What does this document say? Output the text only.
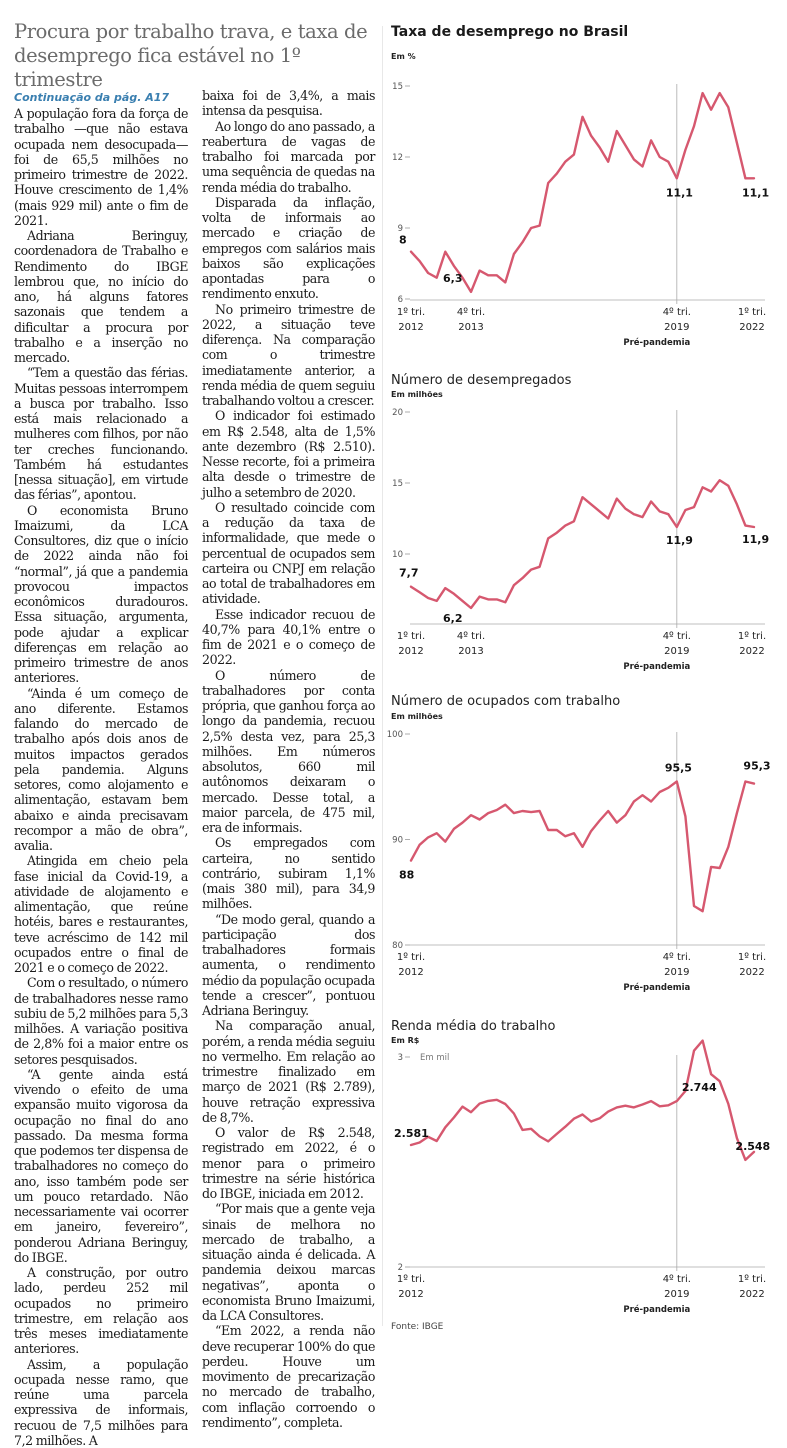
Procura por trabalho trava, e taxa de desemprego fica estável no 1º trimestre
Continuação da pág. A17

A população fora da força de trabalho —que não estava ocupada nem desocupada— foi de 65,5 milhões no primeiro trimestre de 2022. Houve crescimento de 1,4% (mais 929 mil) ante o fim de 2021.

Adriana Beringuy, coordenadora de Trabalho e Rendimento do IBGE lembrou que, no início do ano, há alguns fatores sazonais que tendem a dificultar a procura por trabalho e a inserção no mercado.

“Tem a questão das férias. Muitas pessoas interrompem a busca por trabalho. Isso está mais relacionado a mulheres com filhos, por não ter creches funcionando. Também há estudantes [nessa situação], em virtude das férias”, apontou.

O economista Bruno Imaizumi, da LCA Consultores, diz que o início de 2022 ainda não foi “normal”, já que a pandemia provocou impactos econômicos duradouros. Essa situação, argumenta, pode ajudar a explicar diferenças em relação ao primeiro trimestre de anos anteriores.

“Ainda é um começo de ano diferente. Estamos falando do mercado de trabalho após dois anos de muitos impactos gerados pela pandemia. Alguns setores, como alojamento e alimentação, estavam bem abaixo e ainda precisavam recompor a mão de obra”, avalia.

Atingida em cheio pela fase inicial da Covid-19, a atividade de alojamento e alimentação, que reúne hotéis, bares e restaurantes, teve acréscimo de 142 mil ocupados entre o final de 2021 e o começo de 2022.

Com o resultado, o número de trabalhadores nesse ramo subiu de 5,2 milhões para 5,3 milhões. A variação positiva de 2,8% foi a maior entre os setores pesquisados.

“A gente ainda está vivendo o efeito de uma expansão muito vigorosa da ocupação no final do ano passado. Da mesma forma que podemos ter dispensa de trabalhadores no começo do ano, isso também pode ser um pouco retardado. Não necessariamente vai ocorrer em janeiro, fevereiro”, ponderou Adriana Beringuy, do IBGE.

A construção, por outro lado, perdeu 252 mil ocupados no primeiro trimestre, em relação aos três meses imediatamente anteriores.

Assim, a população ocupada nesse ramo, que reúne uma parcela expressiva de informais, recuou de 7,5 milhões para 7,2 milhões. A

baixa foi de 3,4%, a mais intensa da pesquisa.

Ao longo do ano passado, a reabertura de vagas de trabalho foi marcada por uma sequência de quedas na renda média do trabalho.

Disparada da inflação, volta de informais ao mercado e criação de empregos com salários mais baixos são explicações apontadas para o rendimento enxuto.

No primeiro trimestre de 2022, a situação teve diferença. Na comparação com o trimestre imediatamente anterior, a renda média de quem seguiu trabalhando voltou a crescer.

O indicador foi estimado em R$ 2.548, alta de 1,5% ante dezembro (R$ 2.510). Nesse recorte, foi a primeira alta desde o trimestre de julho a setembro de 2020.

O resultado coincide com a redução da taxa de informalidade, que mede o percentual de ocupados sem carteira ou CNPJ em relação ao total de trabalhadores em atividade.

Esse indicador recuou de 40,7% para 40,1% entre o fim de 2021 e o começo de 2022.

O número de trabalhadores por conta própria, que ganhou força ao longo da pandemia, recuou 2,5% desta vez, para 25,3 milhões. Em números absolutos, 660 mil autônomos deixaram o mercado. Desse total, a maior parcela, de 475 mil, era de informais.

Os empregados com carteira, no sentido contrário, subiram 1,1% (mais 380 mil), para 34,9 milhões.

“De modo geral, quando a participação dos trabalhadores formais aumenta, o rendimento médio da população ocupada tende a crescer”, pontuou Adriana Beringuy.

Na comparação anual, porém, a renda média seguiu no vermelho. Em relação ao trimestre finalizado em março de 2021 (R$ 2.789), houve retração expressiva de 8,7%.

O valor de R$ 2.548, registrado em 2022, é o menor para o primeiro trimestre na série histórica do IBGE, iniciada em 2012.

“Por mais que a gente veja sinais de melhora no mercado de trabalho, a situação ainda é delicada. A pandemia deixou marcas negativas”, aponta o economista Bruno Imaizumi, da LCA Consultores.

“Em 2022, a renda não deve recuperar 100% do que perdeu. Houve um movimento de precarização no mercado de trabalho, com inflação corroendo o rendimento”, completa.

Taxa de desemprego no Brasil
Em %
6
9
12
15
1º tri.
2012
4º tri.
2013
4º tri.
2019
1º tri.
2022
Pré-pandemia
8
6,3
11,1	11,1
Número de desempregados
Em milhões
10
15
20
1º tri.
2012
4º tri.
2013
4º tri.
2019
1º tri.
2022
Pré-pandemia
7,7
6,2
11,9	11,9
Número de ocupados com trabalho
Em milhões
80
90
100
1º tri.
2012
4º tri.
2019
1º tri.
2022
Pré-pandemia
88
95,5	95,3
Renda média do trabalho
Em R$
2
3 Em mil
1º tri.
2012
4º tri.
2019
1º tri.
2022
Pré-pandemia
2.581
2.744
2.548
Fonte: IBGE
